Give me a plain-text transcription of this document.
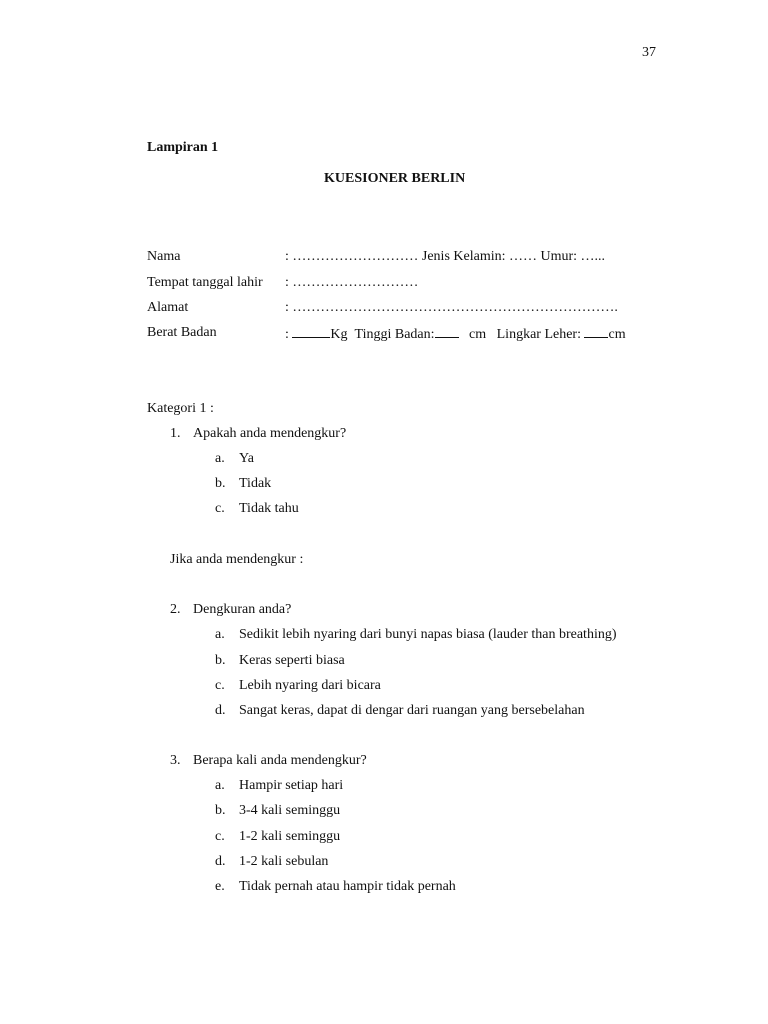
37
Lampiran 1
KUESIONER BERLIN
Nama	: ……………………… Jenis Kelamin: …… Umur: …...
Tempat tanggal lahir : ………………………
Alamat	: …………………………………………………………….
Berat Badan	:	Kg Tinggi Badan: cm Lingkar Leher: cm
Kategori 1 :
1. Apakah anda mendengkur?
a. Ya
b. Tidak
c. Tidak tahu
Jika anda mendengkur :
2. Dengkuran anda?
a. Sedikit lebih nyaring dari bunyi napas biasa (lauder than breathing)
b. Keras seperti biasa
c. Lebih nyaring dari bicara
d. Sangat keras, dapat di dengar dari ruangan yang bersebelahan
3. Berapa kali anda mendengkur?
a. Hampir setiap hari
b. 3-4 kali seminggu
c. 1-2 kali seminggu
d. 1-2 kali sebulan
e. Tidak pernah atau hampir tidak pernah
